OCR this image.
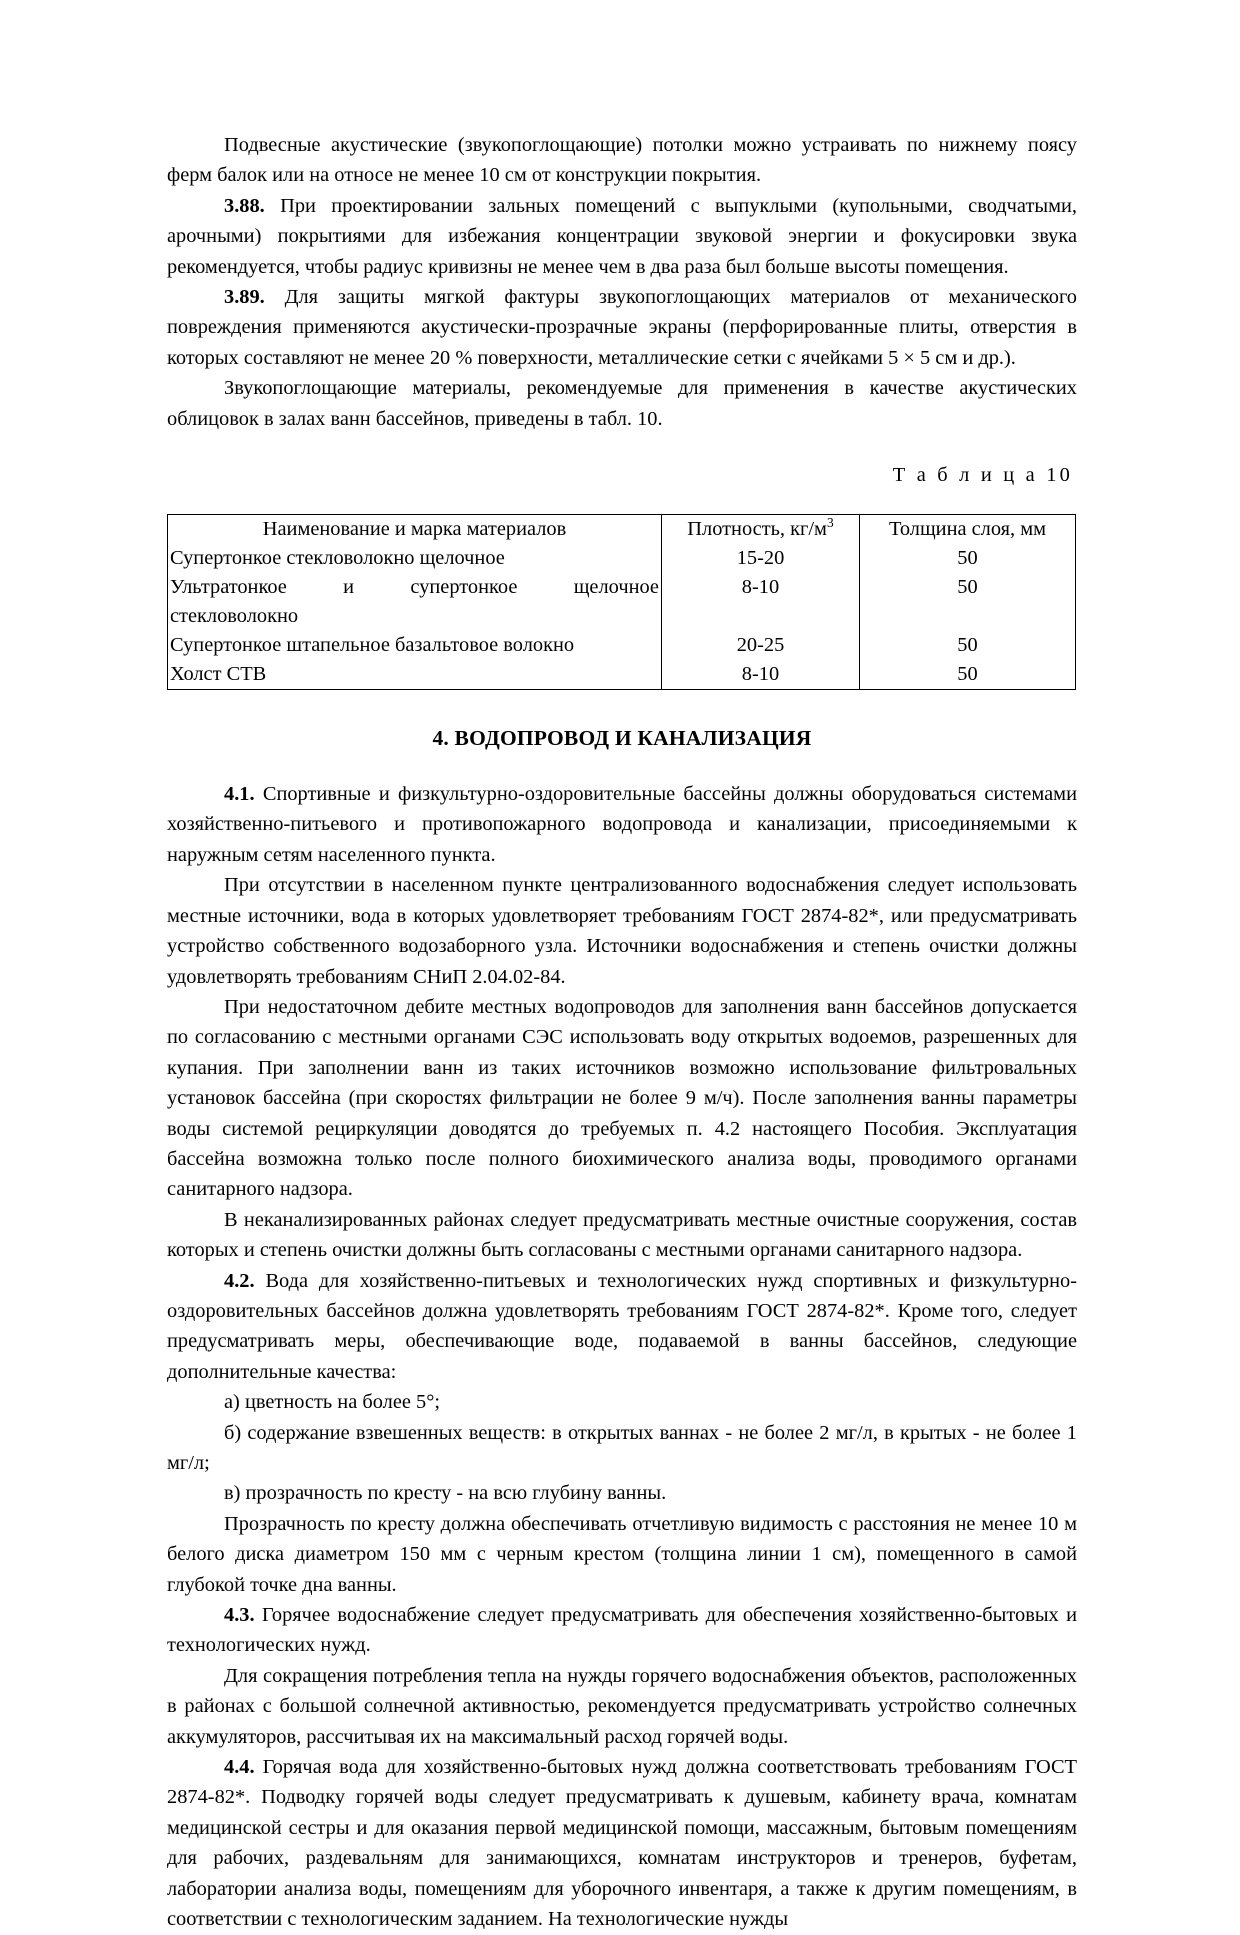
Подвесные акустические (звукопоглощающие) потолки можно устраивать по нижнему поясу ферм балок или на относе не менее 10 см от конструкции покрытия.

3.88. При проектировании зальных помещений с выпуклыми (купольными, сводчатыми, арочными) покрытиями для избежания концентрации звуковой энергии и фокусировки звука рекомендуется, чтобы радиус кривизны не менее чем в два раза был больше высоты помещения.

3.89. Для защиты мягкой фактуры звукопоглощающих материалов от механического повреждения применяются акустически-прозрачные экраны (перфорированные плиты, отверстия в которых составляют не менее 20 % поверхности, металлические сетки с ячейками 5 × 5 см и др.).

Звукопоглощающие материалы, рекомендуемые для применения в качестве акустических облицовок в залах ванн бассейнов, приведены в табл. 10.

Т а б л и ц а 10
Наименование и марка материалов	Плотность, $кг/м^3$	Толщина слоя, мм
Супертонкое стекловолокно щелочное	15-20	50
Ультратонкое и супертонкое щелочное	8-10	50
стекловолокно		
Супертонкое штапельное базальтовое волокно	20-25	50
Холст СТВ	8-10	50
4. ВОДОПРОВОД И КАНАЛИЗАЦИЯ

4.1. Спортивные и физкультурно-оздоровительные бассейны должны оборудоваться системами хозяйственно-питьевого и противопожарного водопровода и канализации, присоединяемыми к наружным сетям населенного пункта.

При отсутствии в населенном пункте централизованного водоснабжения следует использовать местные источники, вода в которых удовлетворяет требованиям ГОСТ 2874-82*, или предусматривать устройство собственного водозаборного узла. Источники водоснабжения и степень очистки должны удовлетворять требованиям СНиП 2.04.02-84.

При недостаточном дебите местных водопроводов для заполнения ванн бассейнов допускается по согласованию с местными органами СЭС использовать воду открытых водоемов, разрешенных для купания. При заполнении ванн из таких источников возможно использование фильтровальных установок бассейна (при скоростях фильтрации не более 9 м/ч). После заполнения ванны параметры воды системой рециркуляции доводятся до требуемых п. 4.2 настоящего Пособия. Эксплуатация бассейна возможна только после полного биохимического анализа воды, проводимого органами санитарного надзора.

В неканализированных районах следует предусматривать местные очистные сооружения, состав которых и степень очистки должны быть согласованы с местными органами санитарного надзора.

4.2. Вода для хозяйственно-питьевых и технологических нужд спортивных и физкультурно-оздоровительных бассейнов должна удовлетворять требованиям ГОСТ 2874-82*. Кроме того, следует предусматривать меры, обеспечивающие воде, подаваемой в ванны бассейнов, следующие дополнительные качества:

а) цветность на более 5°;

б) содержание взвешенных веществ: в открытых ваннах - не более 2 мг/л, в крытых - не более 1 мг/л;

в) прозрачность по кресту - на всю глубину ванны.

Прозрачность по кресту должна обеспечивать отчетливую видимость с расстояния не менее 10 м белого диска диаметром 150 мм с черным крестом (толщина линии 1 см), помещенного в самой глубокой точке дна ванны.

4.3. Горячее водоснабжение следует предусматривать для обеспечения хозяйственно-бытовых и технологических нужд.

Для сокращения потребления тепла на нужды горячего водоснабжения объектов, расположенных в районах с большой солнечной активностью, рекомендуется предусматривать устройство солнечных аккумуляторов, рассчитывая их на максимальный расход горячей воды.

4.4. Горячая вода для хозяйственно-бытовых нужд должна соответствовать требованиям ГОСТ 2874-82*. Подводку горячей воды следует предусматривать к душевым, кабинету врача, комнатам медицинской сестры и для оказания первой медицинской помощи, массажным, бытовым помещениям для рабочих, раздевальням для занимающихся, комнатам инструкторов и тренеров, буфетам, лаборатории анализа воды, помещениям для уборочного инвентаря, а также к другим помещениям, в соответствии с технологическим заданием. На технологические нужды
